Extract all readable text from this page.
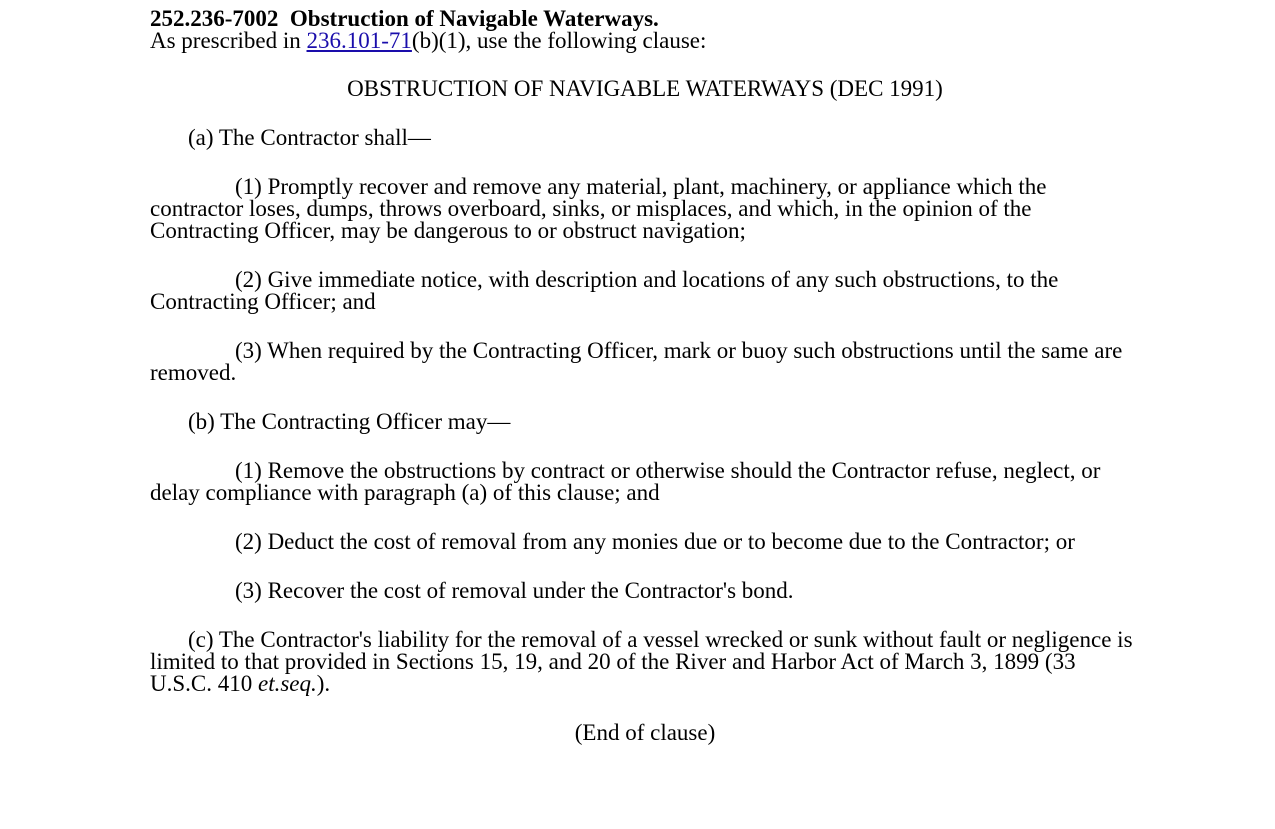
252.236-7002 Obstruction of Navigable Waterways.

As prescribed in 236.101-71(b)(1), use the following clause:

OBSTRUCTION OF NAVIGABLE WATERWAYS (DEC 1991)

(a) The Contractor shall—

(1) Promptly recover and remove any material, plant, machinery, or appliance which the contractor loses, dumps, throws overboard, sinks, or misplaces, and which, in the opinion of the Contracting Officer, may be dangerous to or obstruct navigation;

(2) Give immediate notice, with description and locations of any such obstructions, to the Contracting Officer; and

(3) When required by the Contracting Officer, mark or buoy such obstructions until the same are removed.

(b) The Contracting Officer may—

(1) Remove the obstructions by contract or otherwise should the Contractor refuse, neglect, or delay compliance with paragraph (a) of this clause; and

(2) Deduct the cost of removal from any monies due or to become due to the Contractor; or

(3) Recover the cost of removal under the Contractor's bond.

(c) The Contractor's liability for the removal of a vessel wrecked or sunk without fault or negligence is limited to that provided in Sections 15, 19, and 20 of the River and Harbor Act of March 3, 1899 (33 U.S.C. 410 et.seq.).

(End of clause)
